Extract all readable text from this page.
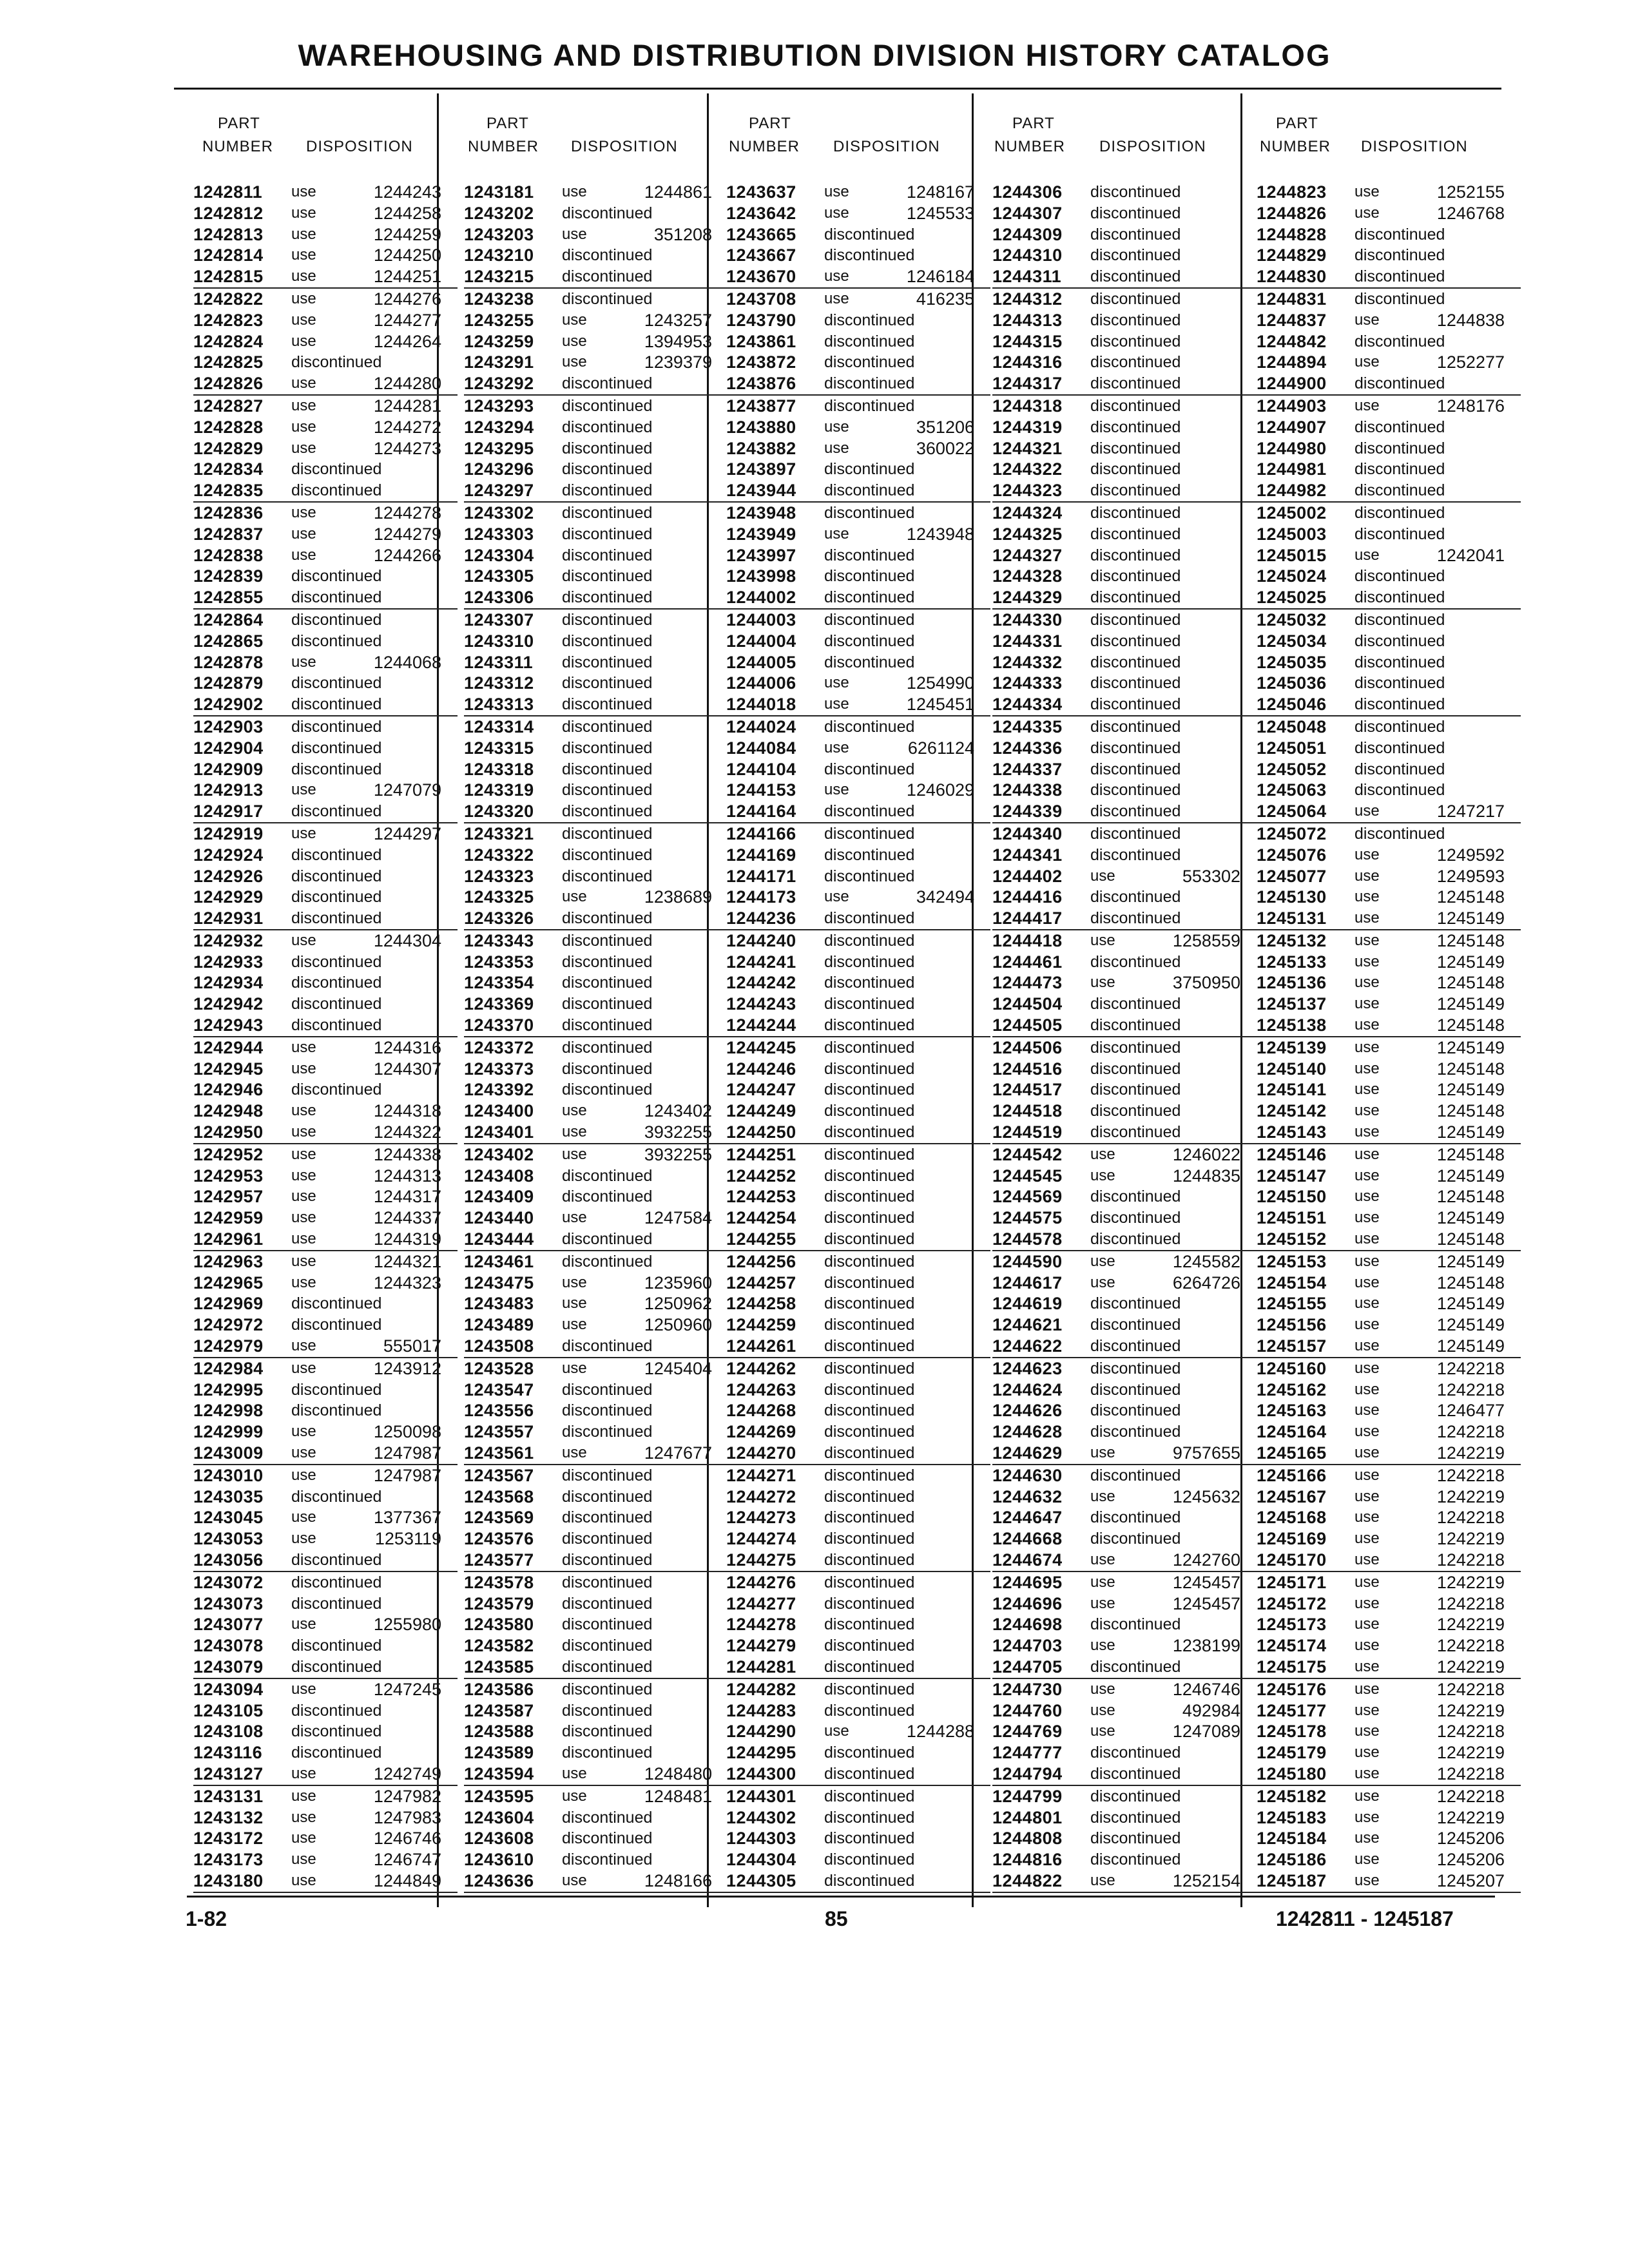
WAREHOUSING AND DISTRIBUTION DIVISION HISTORY CATALOG
PART
NUMBER DISPOSITION
1242811 use	1244243
1242812 use	1244258
1242813 use	1244259
1242814 use	1244250
1242815 use	1244251
1242822 use	1244276
1242823 use	1244277
1242824 use	1244264
1242825 discontinued
1242826 use	1244280
1242827 use	1244281
1242828 use	1244272
1242829 use	1244273
1242834 discontinued
1242835 discontinued
1242836 use	1244278
1242837 use	1244279
1242838 use	1244266
1242839 discontinued
1242855 discontinued
1242864 discontinued
1242865 discontinued
1242878 use	1244068
1242879 discontinued
1242902 discontinued
1242903 discontinued
1242904 discontinued
1242909 discontinued
1242913 use	1247079
1242917 discontinued
1242919 use	1244297
1242924 discontinued
1242926 discontinued
1242929 discontinued
1242931 discontinued
1242932 use	1244304
1242933 discontinued
1242934 discontinued
1242942 discontinued
1242943 discontinued
1242944 use	1244316
1242945 use	1244307
1242946 discontinued
1242948 use	1244318
1242950 use	1244322
1242952 use	1244338
1242953 use	1244313
1242957 use	1244317
1242959 use	1244337
1242961 use	1244319
1242963 use	1244321
1242965 use	1244323
1242969 discontinued
1242972 discontinued
1242979 use	555017
1242984 use	1243912
1242995 discontinued
1242998 discontinued
1242999 use	1250098
1243009 use	1247987
1243010 use	1247987
1243035 discontinued
1243045 use	1377367
1243053 use	1253119
1243056 discontinued
1243072 discontinued
1243073 discontinued
1243077 use	1255980
1243078 discontinued
1243079 discontinued
1243094 use	1247245
1243105 discontinued
1243108 discontinued
1243116 discontinued
1243127 use	1242749
1243131 use	1247982
1243132 use	1247983
1243172 use	1246746
1243173 use	1246747
1243180 use	1244849
PART
NUMBER DISPOSITION
1243181 use	1244861
1243202 discontinued
1243203 use	351208
1243210 discontinued
1243215 discontinued
1243238 discontinued
1243255 use	1243257
1243259 use	1394953
1243291 use	1239379
1243292 discontinued
1243293 discontinued
1243294 discontinued
1243295 discontinued
1243296 discontinued
1243297 discontinued
1243302 discontinued
1243303 discontinued
1243304 discontinued
1243305 discontinued
1243306 discontinued
1243307 discontinued
1243310 discontinued
1243311 discontinued
1243312 discontinued
1243313 discontinued
1243314 discontinued
1243315 discontinued
1243318 discontinued
1243319 discontinued
1243320 discontinued
1243321 discontinued
1243322 discontinued
1243323 discontinued
1243325 use	1238689
1243326 discontinued
1243343 discontinued
1243353 discontinued
1243354 discontinued
1243369 discontinued
1243370 discontinued
1243372 discontinued
1243373 discontinued
1243392 discontinued
1243400 use	1243402
1243401 use	3932255
1243402 use	3932255
1243408 discontinued
1243409 discontinued
1243440 use	1247584
1243444 discontinued
1243461 discontinued
1243475 use	1235960
1243483 use	1250962
1243489 use	1250960
1243508 discontinued
1243528 use	1245404
1243547 discontinued
1243556 discontinued
1243557 discontinued
1243561 use	1247677
1243567 discontinued
1243568 discontinued
1243569 discontinued
1243576 discontinued
1243577 discontinued
1243578 discontinued
1243579 discontinued
1243580 discontinued
1243582 discontinued
1243585 discontinued
1243586 discontinued
1243587 discontinued
1243588 discontinued
1243589 discontinued
1243594 use	1248480
1243595 use	1248481
1243604 discontinued
1243608 discontinued
1243610 discontinued
1243636 use	1248166
PART
NUMBER DISPOSITION
1243637 use	1248167
1243642 use	1245533
1243665 discontinued
1243667 discontinued
1243670 use	1246184
1243708 use	416235
1243790 discontinued
1243861 discontinued
1243872 discontinued
1243876 discontinued
1243877 discontinued
1243880 use	351206
1243882 use	360022
1243897 discontinued
1243944 discontinued
1243948 discontinued
1243949 use	1243948
1243997 discontinued
1243998 discontinued
1244002 discontinued
1244003 discontinued
1244004 discontinued
1244005 discontinued
1244006 use	1254990
1244018 use	1245451
1244024 discontinued
1244084 use	6261124
1244104 discontinued
1244153 use	1246029
1244164 discontinued
1244166 discontinued
1244169 discontinued
1244171 discontinued
1244173 use	342494
1244236 discontinued
1244240 discontinued
1244241 discontinued
1244242 discontinued
1244243 discontinued
1244244 discontinued
1244245 discontinued
1244246 discontinued
1244247 discontinued
1244249 discontinued
1244250 discontinued
1244251 discontinued
1244252 discontinued
1244253 discontinued
1244254 discontinued
1244255 discontinued
1244256 discontinued
1244257 discontinued
1244258 discontinued
1244259 discontinued
1244261 discontinued
1244262 discontinued
1244263 discontinued
1244268 discontinued
1244269 discontinued
1244270 discontinued
1244271 discontinued
1244272 discontinued
1244273 discontinued
1244274 discontinued
1244275 discontinued
1244276 discontinued
1244277 discontinued
1244278 discontinued
1244279 discontinued
1244281 discontinued
1244282 discontinued
1244283 discontinued
1244290 use	1244288
1244295 discontinued
1244300 discontinued
1244301 discontinued
1244302 discontinued
1244303 discontinued
1244304 discontinued
1244305 discontinued
PART
NUMBER DISPOSITION
1244306 discontinued
1244307 discontinued
1244309 discontinued
1244310 discontinued
1244311 discontinued
1244312 discontinued
1244313 discontinued
1244315 discontinued
1244316 discontinued
1244317 discontinued
1244318 discontinued
1244319 discontinued
1244321 discontinued
1244322 discontinued
1244323 discontinued
1244324 discontinued
1244325 discontinued
1244327 discontinued
1244328 discontinued
1244329 discontinued
1244330 discontinued
1244331 discontinued
1244332 discontinued
1244333 discontinued
1244334 discontinued
1244335 discontinued
1244336 discontinued
1244337 discontinued
1244338 discontinued
1244339 discontinued
1244340 discontinued
1244341 discontinued
1244402 use	553302
1244416 discontinued
1244417 discontinued
1244418 use	1258559
1244461 discontinued
1244473 use	3750950
1244504 discontinued
1244505 discontinued
1244506 discontinued
1244516 discontinued
1244517 discontinued
1244518 discontinued
1244519 discontinued
1244542 use	1246022
1244545 use	1244835
1244569 discontinued
1244575 discontinued
1244578 discontinued
1244590 use	1245582
1244617 use	6264726
1244619 discontinued
1244621 discontinued
1244622 discontinued
1244623 discontinued
1244624 discontinued
1244626 discontinued
1244628 discontinued
1244629 use	9757655
1244630 discontinued
1244632 use	1245632
1244647 discontinued
1244668 discontinued
1244674 use	1242760
1244695 use	1245457
1244696 use	1245457
1244698 discontinued
1244703 use	1238199
1244705 discontinued
1244730 use	1246746
1244760 use	492984
1244769 use	1247089
1244777 discontinued
1244794 discontinued
1244799 discontinued
1244801 discontinued
1244808 discontinued
1244816 discontinued
1244822 use	1252154
PART
NUMBER DISPOSITION
1244823 use	1252155
1244826 use	1246768
1244828 discontinued
1244829 discontinued
1244830 discontinued
1244831 discontinued
1244837 use	1244838
1244842 discontinued
1244894 use	1252277
1244900 discontinued
1244903 use	1248176
1244907 discontinued
1244980 discontinued
1244981 discontinued
1244982 discontinued
1245002 discontinued
1245003 discontinued
1245015 use	1242041
1245024 discontinued
1245025 discontinued
1245032 discontinued
1245034 discontinued
1245035 discontinued
1245036 discontinued
1245046 discontinued
1245048 discontinued
1245051 discontinued
1245052 discontinued
1245063 discontinued
1245064 use	1247217
1245072 discontinued
1245076 use	1249592
1245077 use	1249593
1245130 use	1245148
1245131 use	1245149
1245132 use	1245148
1245133 use	1245149
1245136 use	1245148
1245137 use	1245149
1245138 use	1245148
1245139 use	1245149
1245140 use	1245148
1245141 use	1245149
1245142 use	1245148
1245143 use	1245149
1245146 use	1245148
1245147 use	1245149
1245150 use	1245148
1245151 use	1245149
1245152 use	1245148
1245153 use	1245149
1245154 use	1245148
1245155 use	1245149
1245156 use	1245149
1245157 use	1245149
1245160 use	1242218
1245162 use	1242218
1245163 use	1246477
1245164 use	1242218
1245165 use	1242219
1245166 use	1242218
1245167 use	1242219
1245168 use	1242218
1245169 use	1242219
1245170 use	1242218
1245171 use	1242219
1245172 use	1242218
1245173 use	1242219
1245174 use	1242218
1245175 use	1242219
1245176 use	1242218
1245177 use	1242219
1245178 use	1242218
1245179 use	1242219
1245180 use	1242218
1245182 use	1242218
1245183 use	1242219
1245184 use	1245206
1245186 use	1245206
1245187 use	1245207
1-82	85	1242811 - 1245187
